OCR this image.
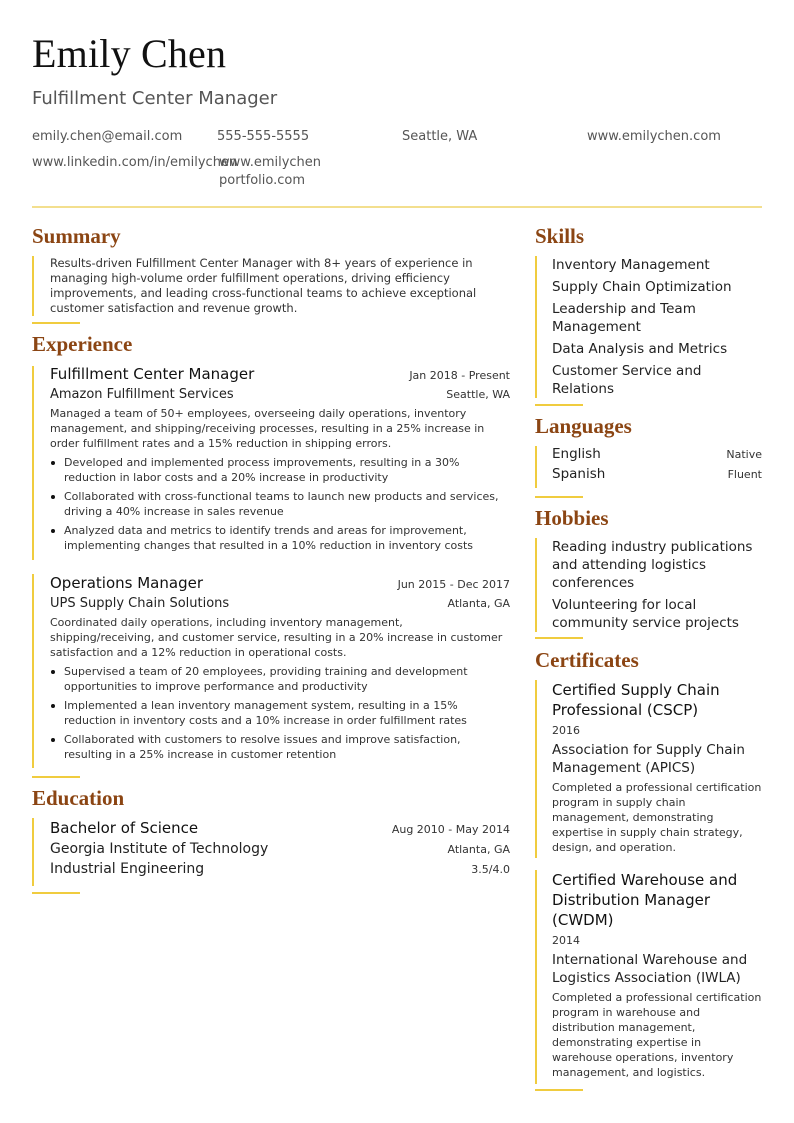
Emily Chen
Fulfillment Center Manager
emily.chen@email.com	555-555-5555	Seattle, WA	www.emilychen.com
www.linkedin.com/in/emilychen
www.emilychen
portfolio.com
Summary
Results-driven Fulfillment Center Manager with 8+ years of experience in managing high-volume order fulfillment operations, driving efficiency improvements, and leading cross-functional teams to achieve exceptional customer satisfaction and revenue growth.
Experience
Fulfillment Center Manager	Jan 2018 - Present
Amazon Fulfillment Services	Seattle, WA
Managed a team of 50+ employees, overseeing daily operations, inventory management, and shipping/receiving processes, resulting in a 25% increase in order fulfillment rates and a 15% reduction in shipping errors.
Developed and implemented process improvements, resulting in a 30% reduction in labor costs and a 20% increase in productivity
Collaborated with cross-functional teams to launch new products and services, driving a 40% increase in sales revenue
Analyzed data and metrics to identify trends and areas for improvement, implementing changes that resulted in a 10% reduction in inventory costs
Operations Manager	Jun 2015 - Dec 2017
UPS Supply Chain Solutions	Atlanta, GA
Coordinated daily operations, including inventory management, shipping/receiving, and customer service, resulting in a 20% increase in customer satisfaction and a 12% reduction in operational costs.
Supervised a team of 20 employees, providing training and development opportunities to improve performance and productivity
Implemented a lean inventory management system, resulting in a 15% reduction in inventory costs and a 10% increase in order fulfillment rates
Collaborated with customers to resolve issues and improve satisfaction, resulting in a 25% increase in customer retention
Education
Bachelor of Science	Aug 2010 - May 2014
Georgia Institute of Technology	Atlanta, GA
Industrial Engineering	3.5/4.0
Skills
Inventory Management
Supply Chain Optimization
Leadership and Team Management
Data Analysis and Metrics
Customer Service and Relations
Languages
English	Native
Spanish	Fluent
Hobbies
Reading industry publications and attending logistics conferences
Volunteering for local community service projects
Certificates
Certified Supply Chain Professional (CSCP)
2016
Association for Supply Chain Management (APICS)
Completed a professional certification program in supply chain management, demonstrating expertise in supply chain strategy, design, and operation.
Certified Warehouse and Distribution Manager (CWDM)
2014
International Warehouse and Logistics Association (IWLA)
Completed a professional certification program in warehouse and distribution management, demonstrating expertise in warehouse operations, inventory management, and logistics.
